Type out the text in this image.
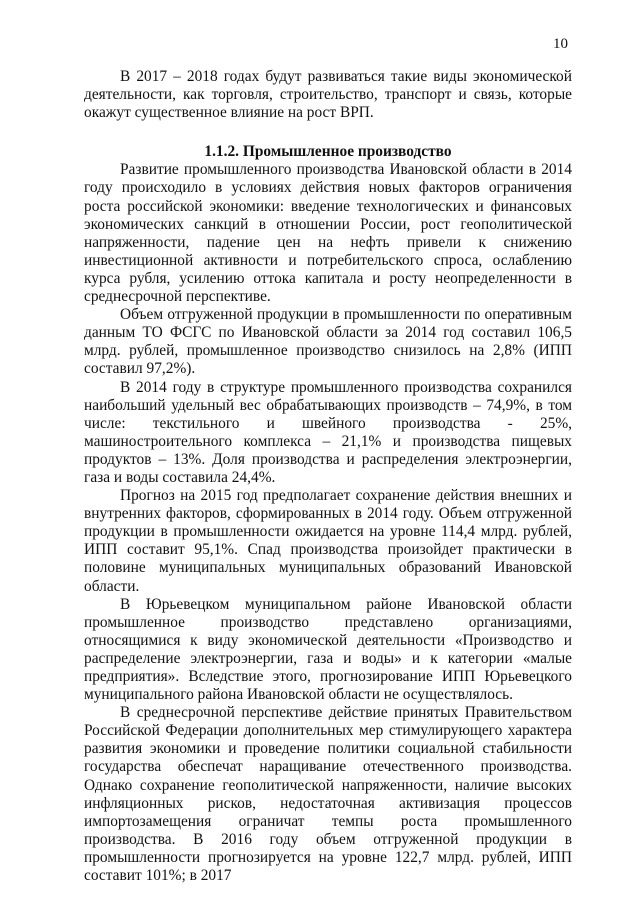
10

В 2017 – 2018 годах будут развиваться такие виды экономической деятельности, как торговля, строительство, транспорт и связь, которые окажут существенное влияние на рост ВРП.

1.1.2. Промышленное производство

Развитие промышленного производства Ивановской области в 2014 году происходило в условиях действия новых факторов ограничения роста российской экономики: введение технологических и финансовых экономических санкций в отношении России, рост геополитической напряженности, падение цен на нефть привели к снижению инвестиционной активности и потребительского спроса, ослаблению курса рубля, усилению оттока капитала и росту неопределенности в среднесрочной перспективе.

Объем отгруженной продукции в промышленности по оперативным данным ТО ФСГС по Ивановской области за 2014 год составил 106,5 млрд. рублей, промышленное производство снизилось на 2,8% (ИПП составил 97,2%).

В 2014 году в структуре промышленного производства сохранился наибольший удельный вес обрабатывающих производств – 74,9%, в том числе: текстильного и швейного производства - 25%, машиностроительного комплекса – 21,1% и производства пищевых продуктов – 13%. Доля производства и распределения электроэнергии, газа и воды составила 24,4%.

Прогноз на 2015 год предполагает сохранение действия внешних и внутренних факторов, сформированных в 2014 году. Объем отгруженной продукции в промышленности ожидается на уровне 114,4 млрд. рублей, ИПП составит 95,1%. Спад производства произойдет практически в половине муниципальных муниципальных образований Ивановской области.

В Юрьевецком муниципальном районе Ивановской области промышленное производство представлено организациями, относящимися к виду экономической деятельности «Производство и распределение электроэнергии, газа и воды» и к категории «малые предприятия». Вследствие этого, прогнозирование ИПП Юрьевецкого муниципального района Ивановской области не осуществлялось.

В среднесрочной перспективе действие принятых Правительством Российской Федерации дополнительных мер стимулирующего характера развития экономики и проведение политики социальной стабильности государства обеспечат наращивание отечественного производства. Однако сохранение геополитической напряженности, наличие высоких инфляционных рисков, недостаточная активизация процессов импортозамещения ограничат темпы роста промышленного производства. В 2016 году объем отгруженной продукции в промышленности прогнозируется на уровне 122,7 млрд. рублей, ИПП составит 101%; в 2017
